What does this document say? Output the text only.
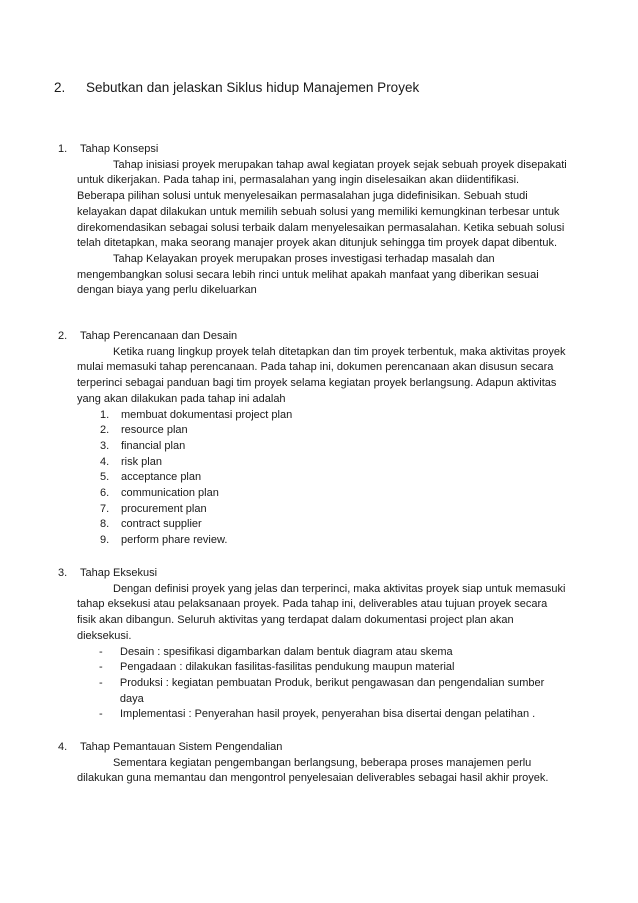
2.	Sebutkan dan jelaskan Siklus hidup Manajemen Proyek
1.	Tahap Konsepsi

Tahap inisiasi proyek merupakan tahap awal kegiatan proyek sejak sebuah proyek disepakati untuk dikerjakan. Pada tahap ini, permasalahan yang ingin diselesaikan akan diidentifikasi. Beberapa pilihan solusi untuk menyelesaikan permasalahan juga didefinisikan. Sebuah studi kelayakan dapat dilakukan untuk memilih sebuah solusi yang memiliki kemungkinan terbesar untuk direkomendasikan sebagai solusi terbaik dalam menyelesaikan permasalahan. Ketika sebuah solusi telah ditetapkan, maka seorang manajer proyek akan ditunjuk sehingga tim proyek dapat dibentuk.

Tahap Kelayakan proyek merupakan proses investigasi terhadap masalah dan mengembangkan solusi secara lebih rinci untuk melihat apakah manfaat yang diberikan sesuai dengan biaya yang perlu dikeluarkan

2.	Tahap Perencanaan dan Desain

Ketika ruang lingkup proyek telah ditetapkan dan tim proyek terbentuk, maka aktivitas proyek mulai memasuki tahap perencanaan. Pada tahap ini, dokumen perencanaan akan disusun secara terperinci sebagai panduan bagi tim proyek selama kegiatan proyek berlangsung. Adapun aktivitas yang akan dilakukan pada tahap ini adalah

1.	membuat dokumentasi project plan
2.	resource plan
3.	financial plan
4.	risk plan
5.	acceptance plan
6.	communication plan
7.	procurement plan
8.	contract supplier
9.	perform phare review.
3.	Tahap Eksekusi

Dengan definisi proyek yang jelas dan terperinci, maka aktivitas proyek siap untuk memasuki tahap eksekusi atau pelaksanaan proyek. Pada tahap ini, deliverables atau tujuan proyek secara fisik akan dibangun. Seluruh aktivitas yang terdapat dalam dokumentasi project plan akan dieksekusi.

-	Desain : spesifikasi digambarkan dalam bentuk diagram atau skema
-	Pengadaan : dilakukan fasilitas-fasilitas pendukung maupun material
-	Produksi : kegiatan pembuatan Produk, berikut pengawasan dan pengendalian sumber daya
-	Implementasi : Penyerahan hasil proyek, penyerahan bisa disertai dengan pelatihan .
4.	Tahap Pemantauan Sistem Pengendalian

Sementara kegiatan pengembangan berlangsung, beberapa proses manajemen perlu dilakukan guna memantau dan mengontrol penyelesaian deliverables sebagai hasil akhir proyek.
